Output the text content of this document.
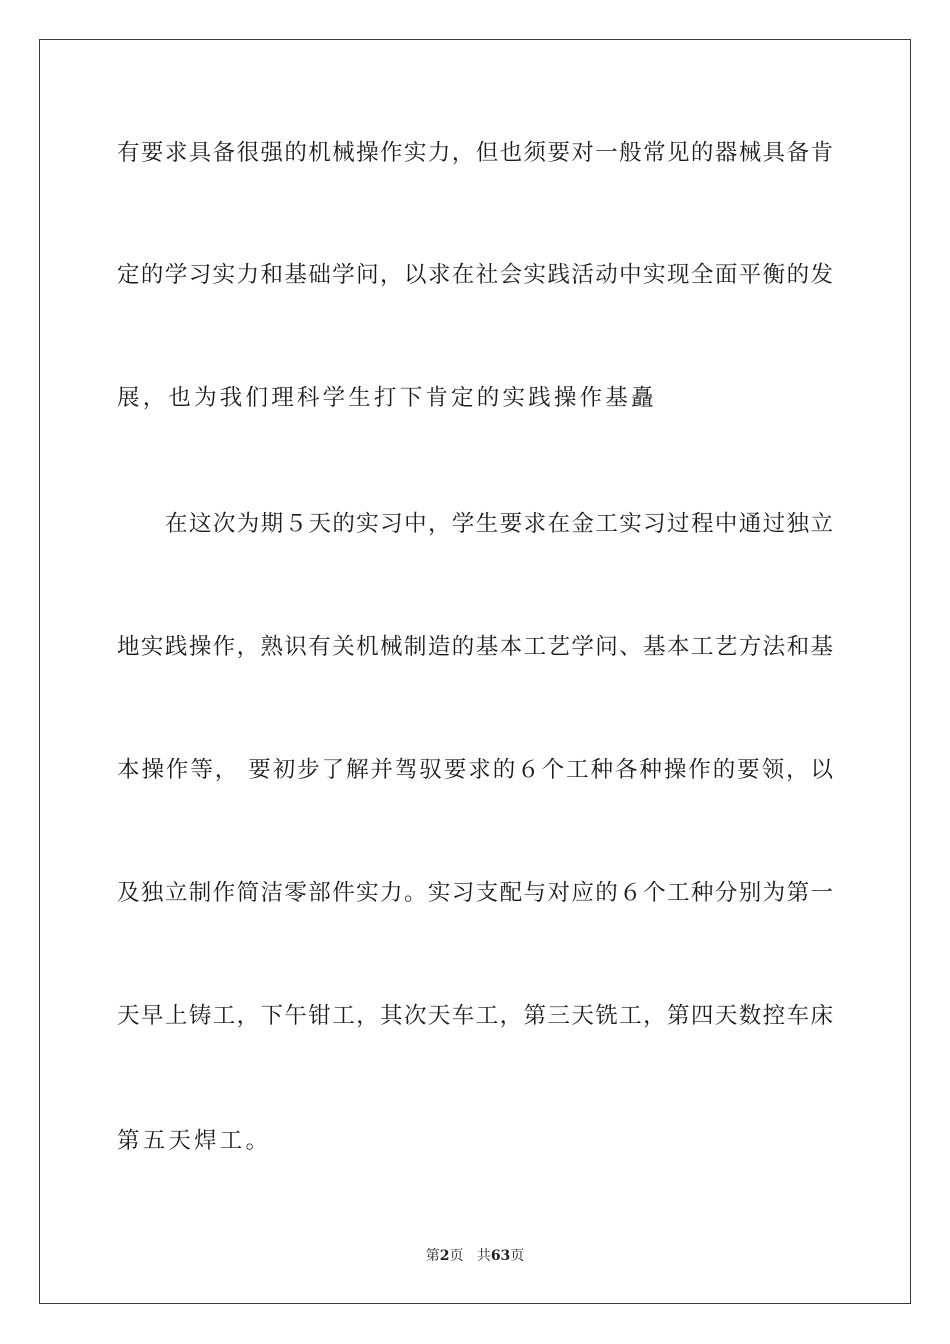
有要求具备很强的机械操作实力，但也须要对一般常见的器械具备肯
定的学习实力和基础学问，以求在社会实践活动中实现全面平衡的发
展，也为我们理科学生打下肯定的实践操作基矗
在这次为期５天的实习中，学生要求在金工实习过程中通过独立
地实践操作，熟识有关机械制造的基本工艺学问、基本工艺方法和基
本操作等， 要初步了解并驾驭要求的６个工种各种操作的要领，以
及独立制作简洁零部件实力。实习支配与对应的６个工种分别为第一
天早上铸工，下午钳工，其次天车工，第三天铣工，第四天数控车床
第五天焊工。
第2页 共63页
